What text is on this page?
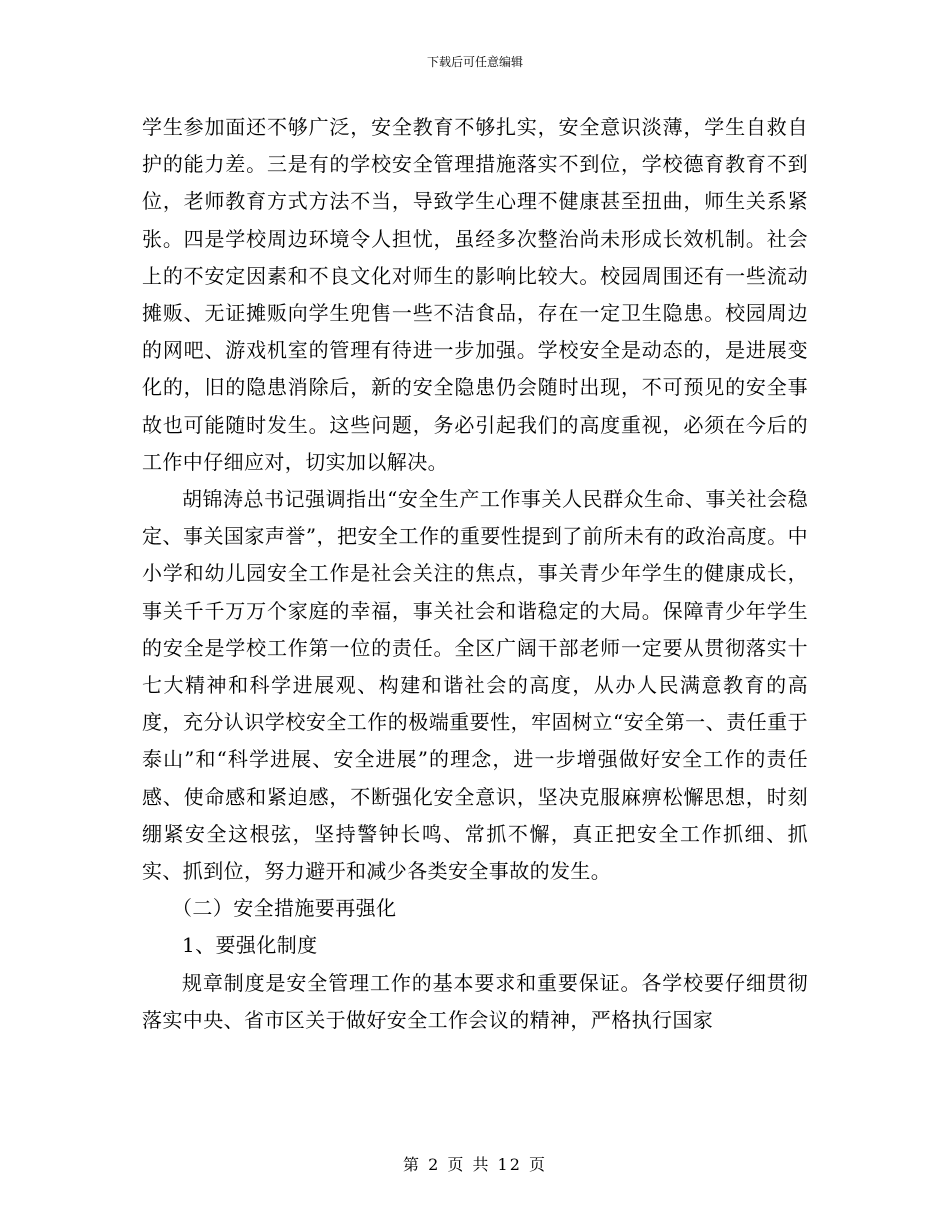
下载后可任意编辑

学生参加面还不够广泛，安全教育不够扎实，安全意识淡薄，学生自救自护的能力差。三是有的学校安全管理措施落实不到位，学校德育教育不到位，老师教育方式方法不当，导致学生心理不健康甚至扭曲，师生关系紧张。四是学校周边环境令人担忧，虽经多次整治尚未形成长效机制。社会上的不安定因素和不良文化对师生的影响比较大。校园周围还有一些流动摊贩、无证摊贩向学生兜售一些不洁食品，存在一定卫生隐患。校园周边的网吧、游戏机室的管理有待进一步加强。学校安全是动态的，是进展变化的，旧的隐患消除后，新的安全隐患仍会随时出现，不可预见的安全事故也可能随时发生。这些问题，务必引起我们的高度重视，必须在今后的工作中仔细应对，切实加以解决。

胡锦涛总书记强调指出“安全生产工作事关人民群众生命、事关社会稳定、事关国家声誉”，把安全工作的重要性提到了前所未有的政治高度。中小学和幼儿园安全工作是社会关注的焦点，事关青少年学生的健康成长，事关千千万万个家庭的幸福，事关社会和谐稳定的大局。保障青少年学生的安全是学校工作第一位的责任。全区广阔干部老师一定要从贯彻落实十七大精神和科学进展观、构建和谐社会的高度，从办人民满意教育的高度，充分认识学校安全工作的极端重要性，牢固树立“安全第一、责任重于泰山”和“科学进展、安全进展”的理念，进一步增强做好安全工作的责任感、使命感和紧迫感，不断强化安全意识，坚决克服麻痹松懈思想，时刻绷紧安全这根弦，坚持警钟长鸣、常抓不懈，真正把安全工作抓细、抓实、抓到位，努力避开和减少各类安全事故的发生。

（二）安全措施要再强化

1、要强化制度

规章制度是安全管理工作的基本要求和重要保证。各学校要仔细贯彻落实中央、省市区关于做好安全工作会议的精神，严格执行国家

第 2 页 共 12 页
